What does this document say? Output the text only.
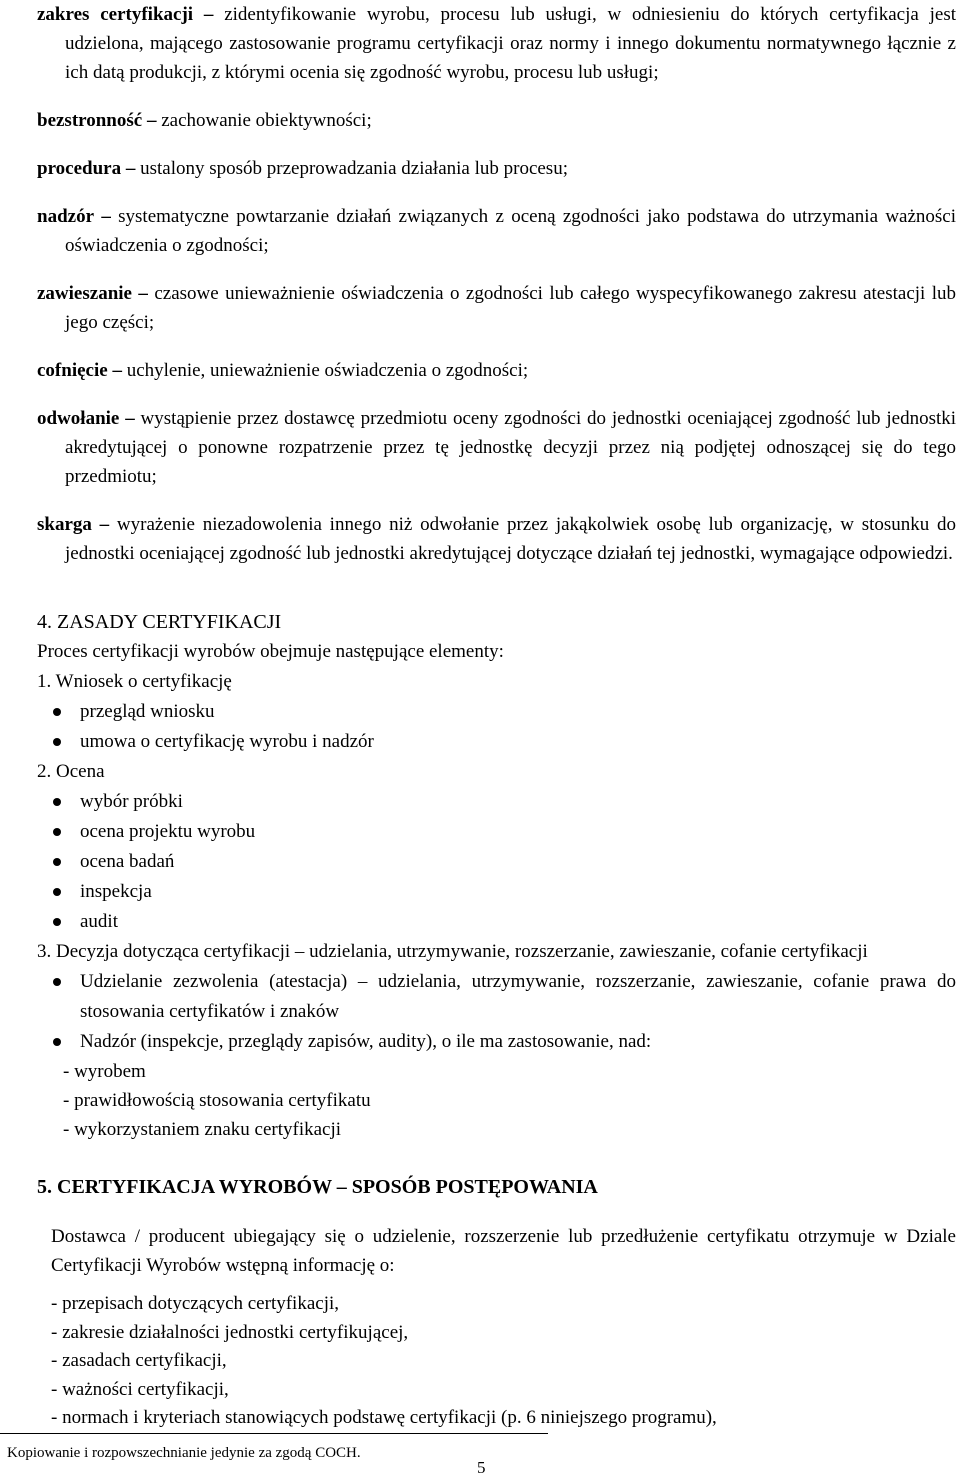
zakres certyfikacji – zidentyfikowanie wyrobu, procesu lub usługi, w odniesieniu do których certyfikacja jest udzielona, mającego zastosowanie programu certyfikacji oraz normy i innego dokumentu normatywnego łącznie z ich datą produkcji, z którymi ocenia się zgodność wyrobu, procesu lub usługi;

bezstronność – zachowanie obiektywności;

procedura – ustalony sposób przeprowadzania działania lub procesu;

nadzór – systematyczne powtarzanie działań związanych z oceną zgodności jako podstawa do utrzymania ważności oświadczenia o zgodności;

zawieszanie – czasowe unieważnienie oświadczenia o zgodności lub całego wyspecyfikowanego zakresu atestacji lub jego części;

cofnięcie – uchylenie, unieważnienie oświadczenia o zgodności;

odwołanie – wystąpienie przez dostawcę przedmiotu oceny zgodności do jednostki oceniającej zgodność lub jednostki akredytującej o ponowne rozpatrzenie przez tę jednostkę decyzji przez nią podjętej odnoszącej się do tego przedmiotu;

skarga – wyrażenie niezadowolenia innego niż odwołanie przez jakąkolwiek osobę lub organizację, w stosunku do jednostki oceniającej zgodność lub jednostki akredytującej dotyczące działań tej jednostki, wymagające odpowiedzi.

4. ZASADY CERTYFIKACJI
Proces certyfikacji wyrobów obejmuje następujące elementy:
1. Wniosek o certyfikację
przegląd wniosku
umowa o certyfikację wyrobu i nadzór
2. Ocena
wybór próbki
ocena projektu wyrobu
ocena badań
inspekcja
audit
3. Decyzja dotycząca certyfikacji – udzielania, utrzymywanie, rozszerzanie, zawieszanie, cofanie certyfikacji
Udzielanie zezwolenia (atestacja) – udzielania, utrzymywanie, rozszerzanie, zawieszanie, cofanie prawa do stosowania certyfikatów i znaków
Nadzór (inspekcje, przeglądy zapisów, audity), o ile ma zastosowanie, nad:
- wyrobem
- prawidłowością stosowania certyfikatu
- wykorzystaniem znaku certyfikacji
5. CERTYFIKACJA WYROBÓW – SPOSÓB POSTĘPOWANIA
Dostawca / producent ubiegający się o udzielenie, rozszerzenie lub przedłużenie certyfikatu otrzymuje w Dziale Certyfikacji Wyrobów wstępną informację o:
- przepisach dotyczących certyfikacji,
- zakresie działalności jednostki certyfikującej,
- zasadach certyfikacji,
- ważności certyfikacji,
- normach i kryteriach stanowiących podstawę certyfikacji (p. 6 niniejszego programu),
Kopiowanie i rozpowszechnianie jedynie za zgodą COCH.
5
